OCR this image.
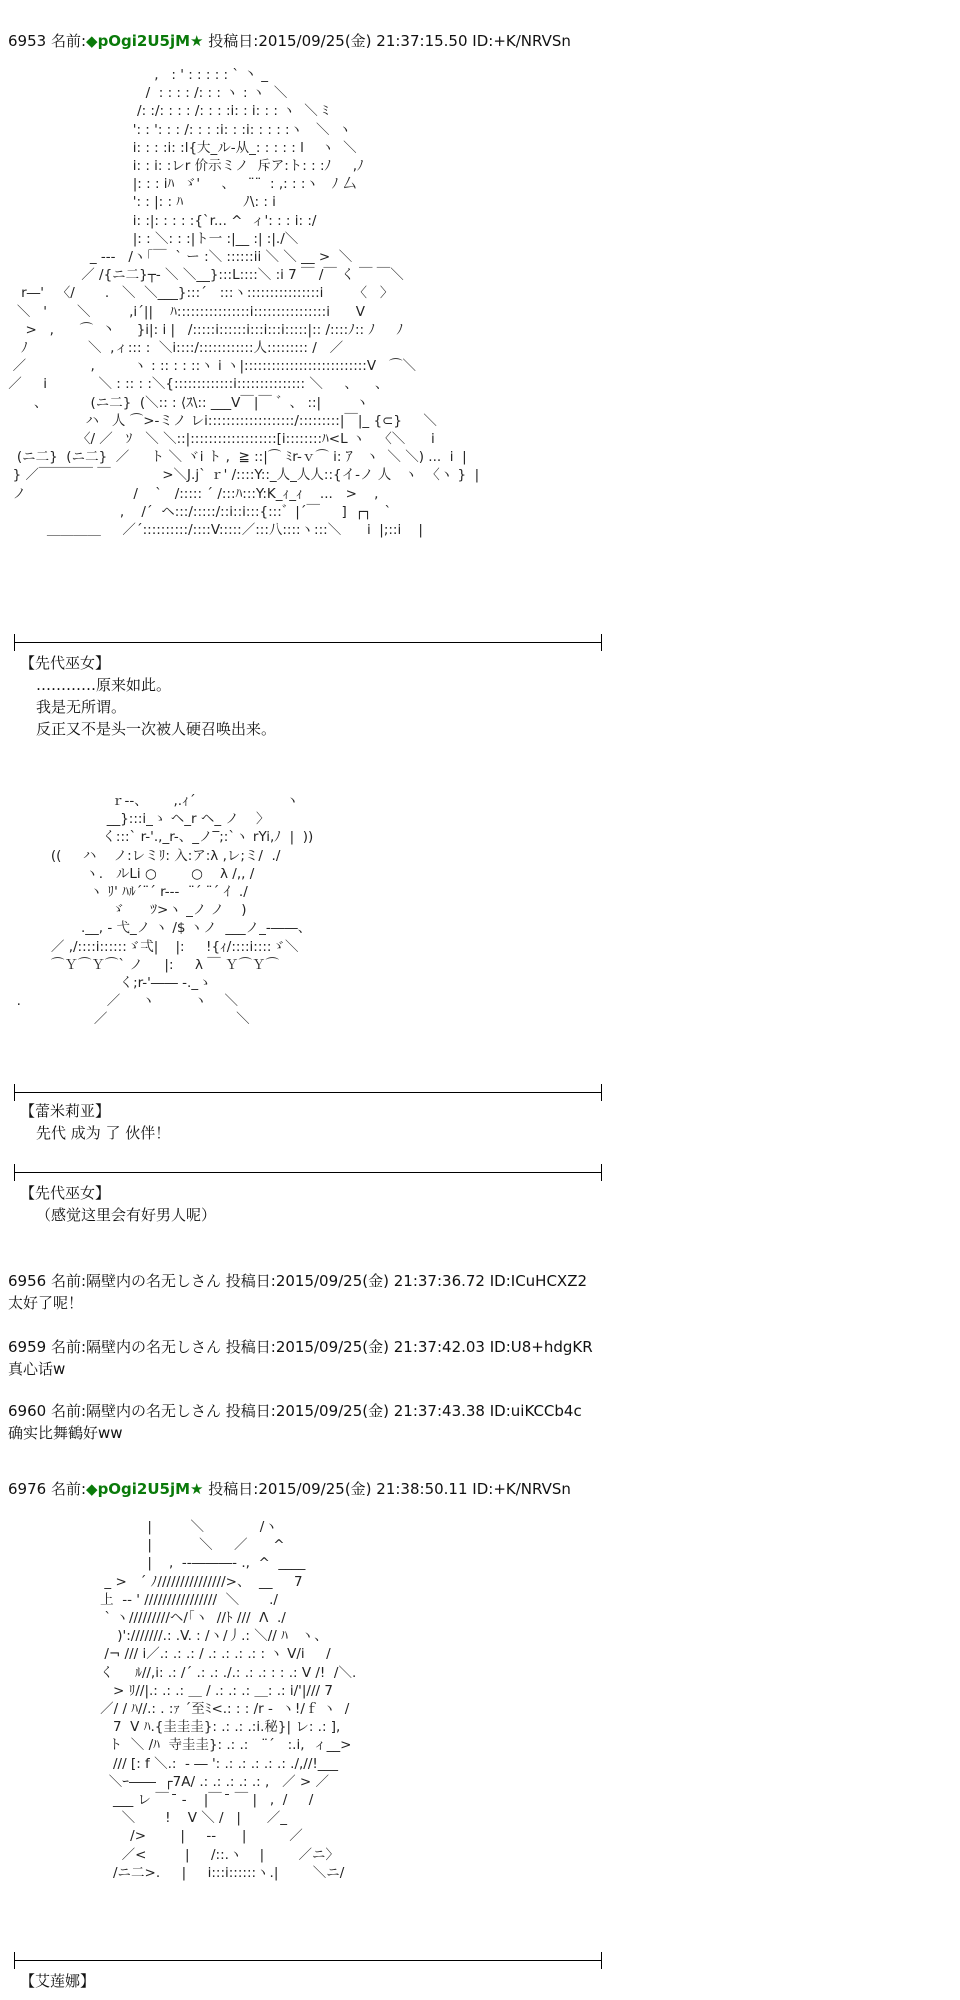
6953 名前:◆pOgi2U5jM★ 投稿日:2015/09/25(金) 21:37:15.50 ID:+K/NRVSn
,   : ' : : : : : ` 丶 _
/  : : : : /: : : ヽ : ヽ  ＼
/: :/: : : : /: : : :i: : i: : : ヽ  ＼ ﾐ
': : ': : : /: : : :i: : :i: : : : :ヽ   ＼  ヽ
i: : : :i: :l{大_ル-从_: : : : : l    ヽ  ＼
i: : i: :レr 价示ミノ  斥ア:ト: : :ﾉ     ,ﾉ
|: : : iﾊ  ゞ'     、   ¨¨  : ,: : :ヽ   ﾉ 厶
': : |: : ﾊ              ﾉ\: : i
i: :|: : : : :{`r... ^  ィ': : : i: :/
|: : ＼: : :|ト一 :|__ :| :|./＼
_ ---   /ヽ｢￣  ` ー :＼ ::::::ii ＼ ＼ __ >  ＼
／ /{ニ二}┬- ＼ ＼__}:::L::::＼ :i 7 ￣ /￣ く ￣ ￣＼
r―'   〈/       .   ＼  ＼___}:::´   :::ヽ::::::::::::::::i       〈   〉
＼   '       ＼         ,i´||    ﾊ::::::::::::::::i::::::::::::::::i      V
>   ,      ⌒  丶     }i|: i |   /:::::i::::::i:::i:::i:::::|:: /::::ﾉ:: ﾉ     ﾉ
ﾉ              ＼  ,ィ::: :  ＼i::::/::::::::::::人::::::::: /   ／
／               ,         ヽ : :: : : ::ヽ i ヽ|:::::::::::::::::::::::::::V   ⌒＼
／     i            ＼ : :: : :＼{:::::::::::::i::::::::::::::: ＼     、    、
、          (ニ二}  (＼:: : ⟨ｽ\:: ___V￣|￣ ゛、 ::|        ヽ
ハ   人 ⌒>-ミノ レi:::::::::::::::::::/:::::::::|￣|_ {⊂}     ＼
〈/ ／   ｿ   ＼ ＼::|:::::::::::::::::::[i::::::::ﾊ<L ヽ   〈＼      i
(ニ二}  (ニ二}  ／     ト ＼ ヾi ト ,  ≧ ::|⌒ ﾐr-ｖ⌒ i: ｱ   ヽ  ＼ ＼) ...  i  |
} ／￣￣￣￣ ￣            >＼J.j` ｒ' /::::Y::_人_人人::{イ-ノ 人   ヽ  〈ヽ }  |
ノ                         /    `   /::::: ´ /:::ﾊ:::Y:K_ｨ_ｨ    ...   >    ,
,    /´  ヘ:::/:::::/::i::i:::{:::゛|´￣     ]  ┌┐   `
＿＿＿＿     ／´::::::::::/::::V:::::／:::八::::ヽ:::＼      i  |;::i    |
【先代巫女】
…………原来如此。
我是无所谓。
反正又不是头一次被人硬召唤出来。
ｒ--、      ,.ｨ´                     ヽ
__}:::i_ゝ ヘ_r ヘ_ ノ    〉
く:::` r-'.,_r-、_ノ‾;:`ヽ rYi,ﾉ  |  ))
((     ハ    ノ:レミﾘ: 入:ア:λ ,レ;ミ/  ./
ヽ.   ルLi ○        ○    λ /,, /
ヽ ﾘ' ﾊﾙ´¨´ r---  ¨´ ¨´ ｲ  ./
ゞ      ﾂ>ヽ _ノ ノ    )
.__, - 弋_ノ ヽ /$ ヽノ  ___ノ_-――、
／ ,/::::i::::::ゞ弌|    |:     !{ｨ/::::i::::ゞ＼
⌒Ｙ⌒Ｙ⌒` ノ     |:     λ ￣ Ｙ⌒Ｙ⌒
く;r-'―― -._ゝ
.                    ／     ヽ         ヽ    ＼
／                              ＼
【蕾米莉亚】
先代 成为 了 伙伴！
【先代巫女】
（感觉这里会有好男人呢）
6956 名前:隔壁内の名无しさん 投稿日:2015/09/25(金) 21:37:36.72 ID:ICuHCXZ2
太好了呢！
6959 名前:隔壁内の名无しさん 投稿日:2015/09/25(金) 21:37:42.03 ID:U8+hdgKR
真心话w
6960 名前:隔壁内の名无しさん 投稿日:2015/09/25(金) 21:37:43.38 ID:uiKCCb4c
确实比舞鶴好ww
6976 名前:◆pOgi2U5jM★ 投稿日:2015/09/25(金) 21:38:50.11 ID:+K/NRVSn
|         ＼             /ヽ
|           ＼     ／      ^
|    ,  --―――- .,  ^  ____
_ >   ´ ﾉ///////////////>、  __     7
上  -- ' ////////////////  ＼       ./
` ヽ/////////ヘ/｢ヽ  //ﾄ ///  Λ  ./
)':///////.: .V. : /ヽ/丿.: ＼// ﾊ   ヽ、
/¬ /// i／.: .: .: / .: .: .: .: : ヽ V/i     /
く     ﾙ//,i: .: /´ .: .: ./.: .: .: : : .: V /!  /＼.
> ﾘ//|.: .: .: ＿ / .: .: .: ＿: .: i/'|/// 7
／/ / ﾊ//.: . :ｧ ´至ﾐ<.: : : /r -  ヽ!/ｆ ヽ  /
7  V ﾊ.{圭圭圭}: .: .: .:i.秘}| レ: .: ],
ト  ＼ /ﾊ  寺圭圭}: .: .:   ¨´   :.i,  ィ__>
/// [: f ＼.:  ‐ ― ': .: .: .: .: .: ./,//!___
＼ｰ――  ┌7A/ .: .: .: .: .: ,   ／ > ／
___ レ ￣  ̄ -    |￣  ̄ ￣ |   ,  /     /
＼       !    V ＼ /   |      ／_
/>        |     --      |          ／
／<         |     /::.ヽ    |        ／ニ〉
/ニ二>.     |     i:::i::::::ヽ.|        ＼ニ/
【艾莲娜】
